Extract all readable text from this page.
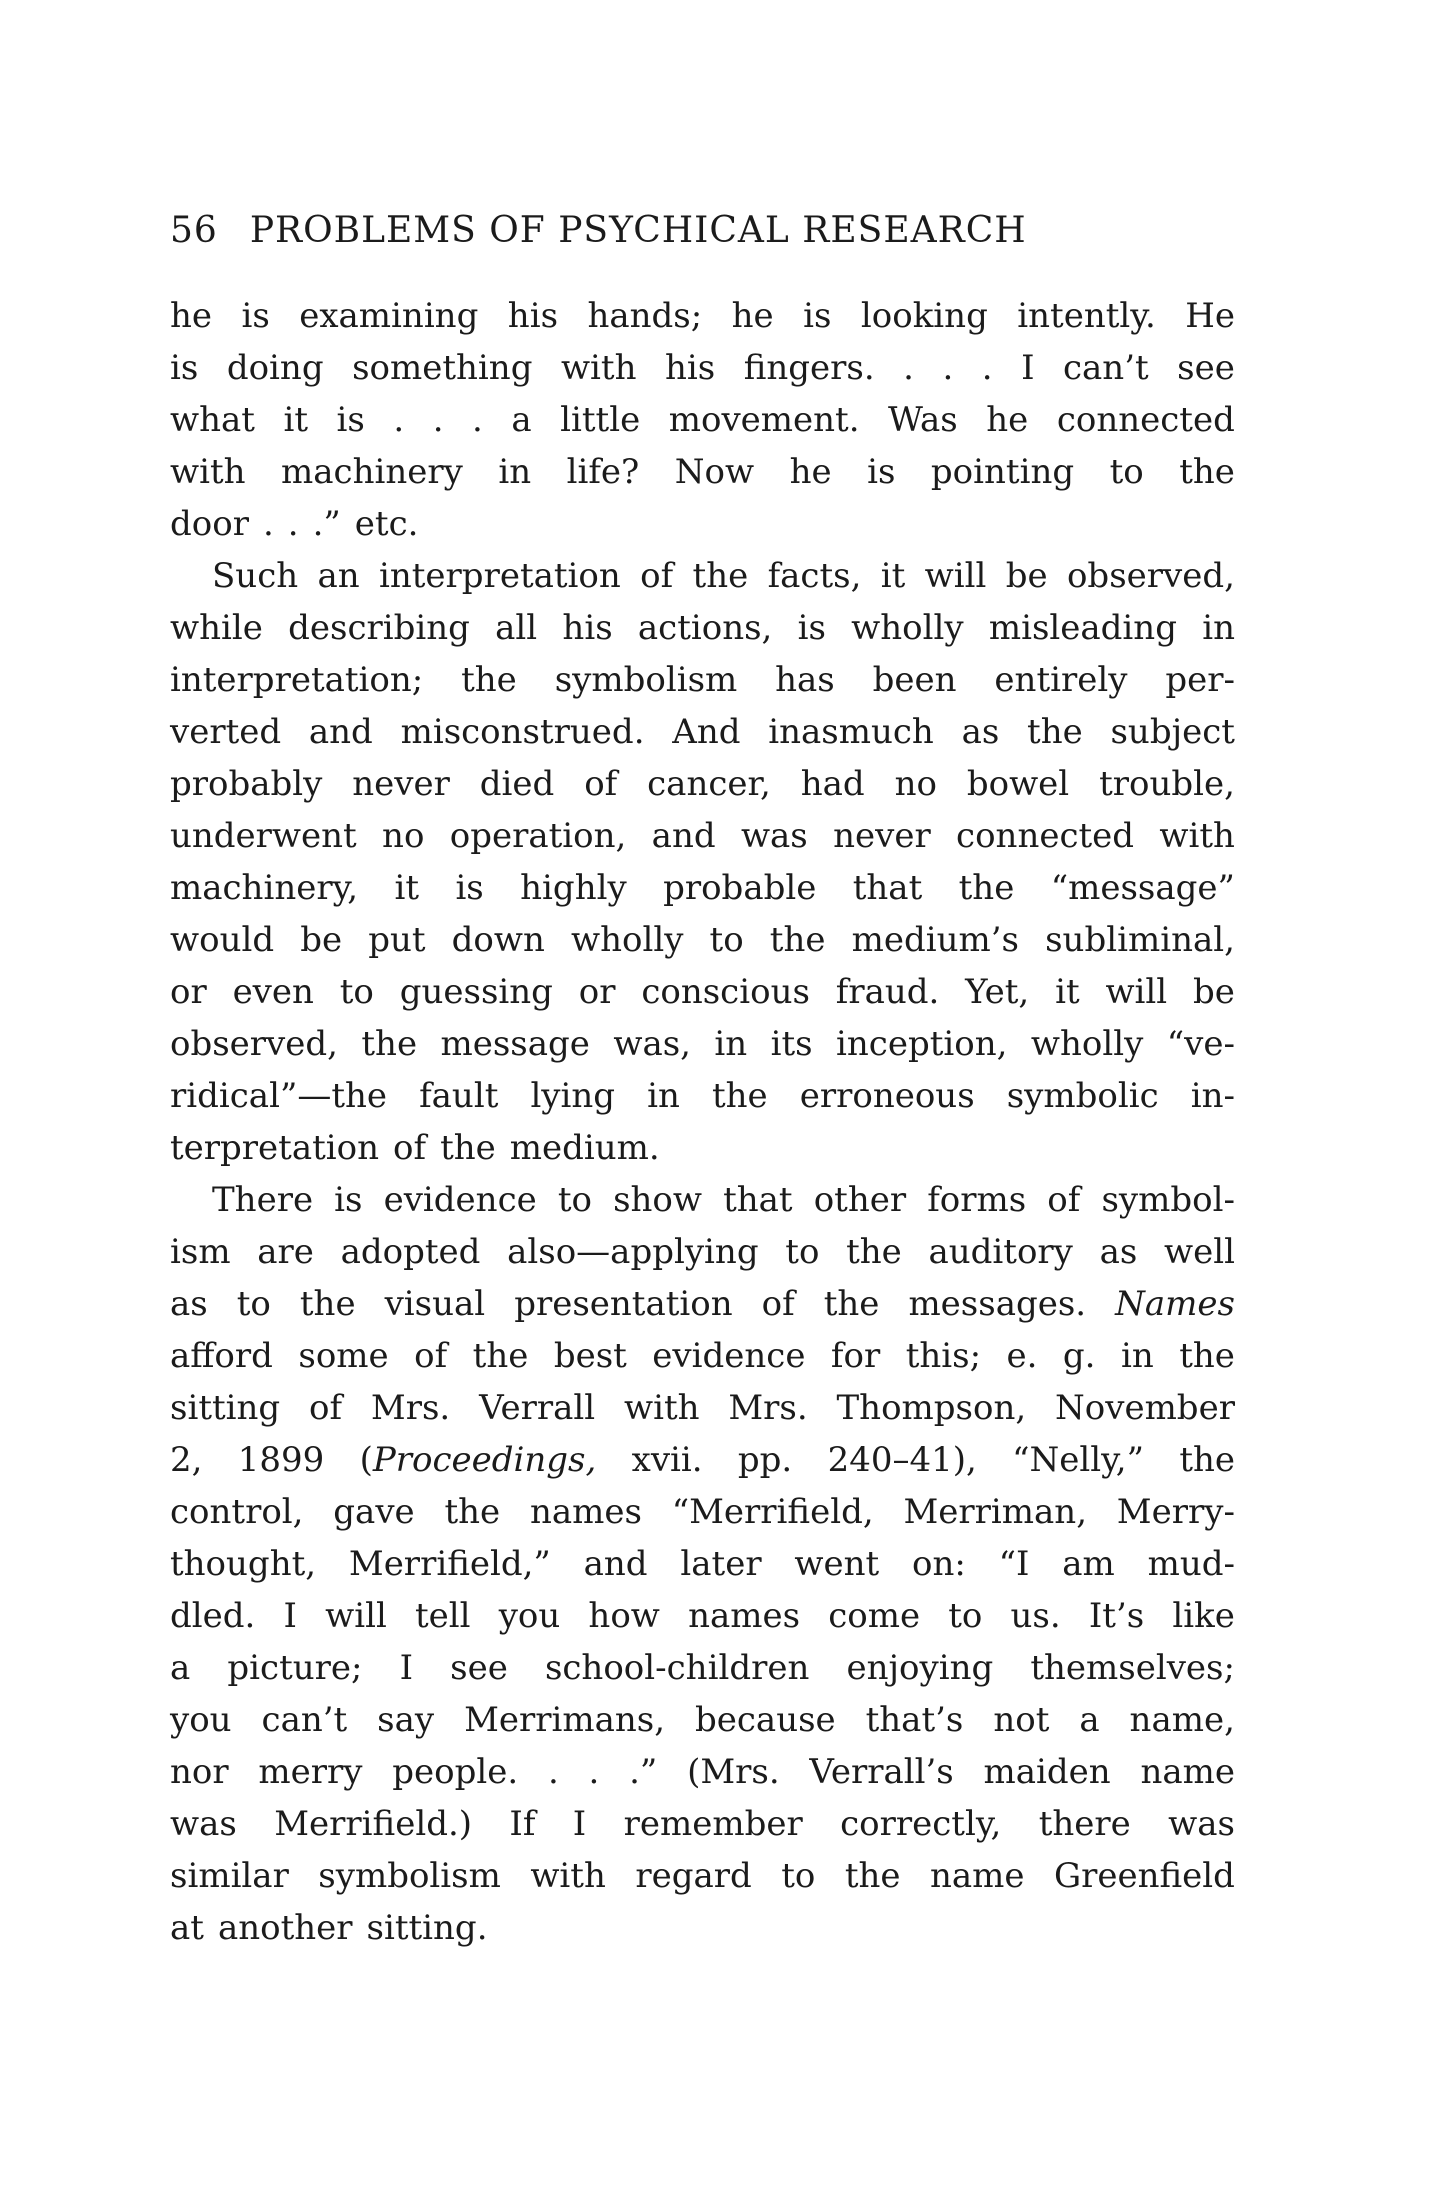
56 PROBLEMS OF PSYCHICAL RESEARCH
he is examining his hands; he is looking intently. He
is doing something with his fingers. . . . I can’t see
what it is . . . a little movement. Was he connected
with machinery in life? Now he is pointing to the
door . . .” etc.
Such an interpretation of the facts, it will be observed,
while describing all his actions, is wholly misleading in
interpretation; the symbolism has been entirely per-
verted and misconstrued. And inasmuch as the subject
probably never died of cancer, had no bowel trouble,
underwent no operation, and was never connected with
machinery, it is highly probable that the “message”
would be put down wholly to the medium’s subliminal,
or even to guessing or conscious fraud. Yet, it will be
observed, the message was, in its inception, wholly “ve-
ridical”—the fault lying in the erroneous symbolic in-
terpretation of the medium.
There is evidence to show that other forms of symbol-
ism are adopted also—applying to the auditory as well
as to the visual presentation of the messages. Names
afford some of the best evidence for this; e. g. in the
sitting of Mrs. Verrall with Mrs. Thompson, November
2, 1899 (Proceedings, xvii. pp. 240–41), “Nelly,” the
control, gave the names “Merrifield, Merriman, Merry-
thought, Merrifield,” and later went on: “I am mud-
dled. I will tell you how names come to us. It’s like
a picture; I see school-children enjoying themselves;
you can’t say Merrimans, because that’s not a name,
nor merry people. . . .” (Mrs. Verrall’s maiden name
was Merrifield.) If I remember correctly, there was
similar symbolism with regard to the name Greenfield
at another sitting.
